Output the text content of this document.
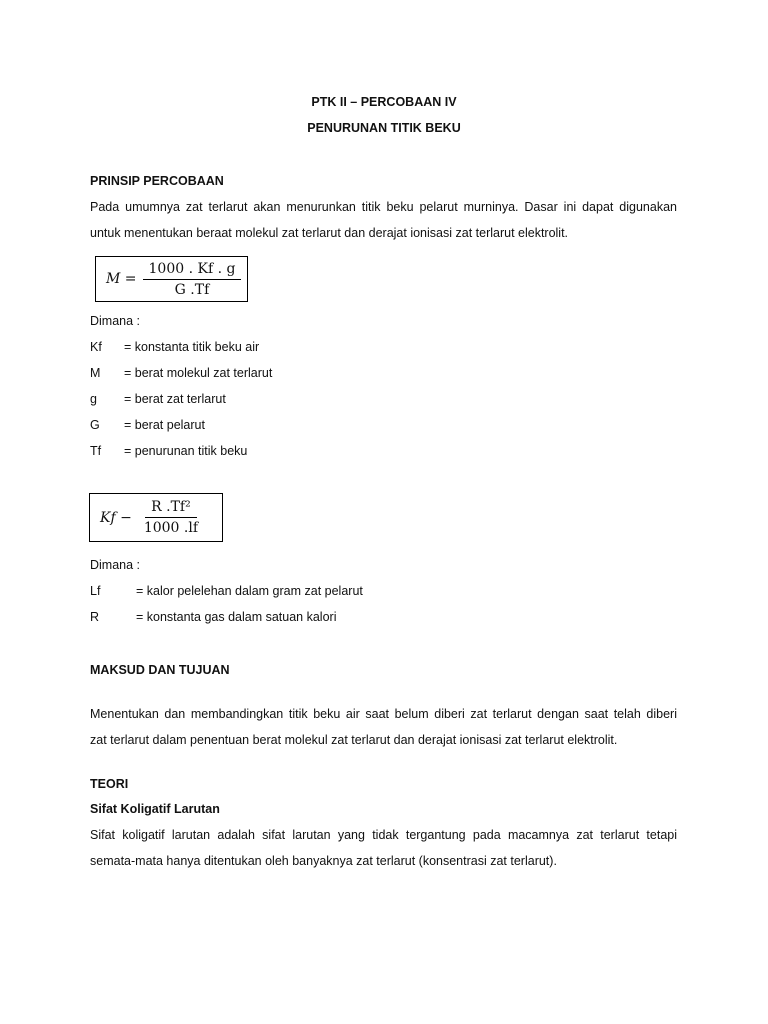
PTK II – PERCOBAAN IV
PENURUNAN TITIK BEKU
PRINSIP PERCOBAAN
Pada umumnya zat terlarut akan menurunkan titik beku pelarut murninya. Dasar ini dapat digunakan
untuk menentukan beraat molekul zat terlarut dan derajat ionisasi zat terlarut elektrolit.
$M = \frac{1000 . Kf . g}{G .Tf}$
Dimana :
Kf	= konstanta titik beku air
M	= berat molekul zat terlarut
g	= berat zat terlarut
G	= berat pelarut
Tf	= penurunan titik beku
$Kf - \frac{\text{R .Tf²}}{1000 .lf}$
Dimana :
Lf	= kalor pelelehan dalam gram zat pelarut
R	= konstanta gas dalam satuan kalori
MAKSUD DAN TUJUAN
Menentukan dan membandingkan titik beku air saat belum diberi zat terlarut dengan saat telah diberi
zat terlarut dalam penentuan berat molekul zat terlarut dan derajat ionisasi zat terlarut elektrolit.
TEORI
Sifat Koligatif Larutan
Sifat koligatif larutan adalah sifat larutan yang tidak tergantung pada macamnya zat terlarut tetapi
semata-mata hanya ditentukan oleh banyaknya zat terlarut (konsentrasi zat terlarut).
